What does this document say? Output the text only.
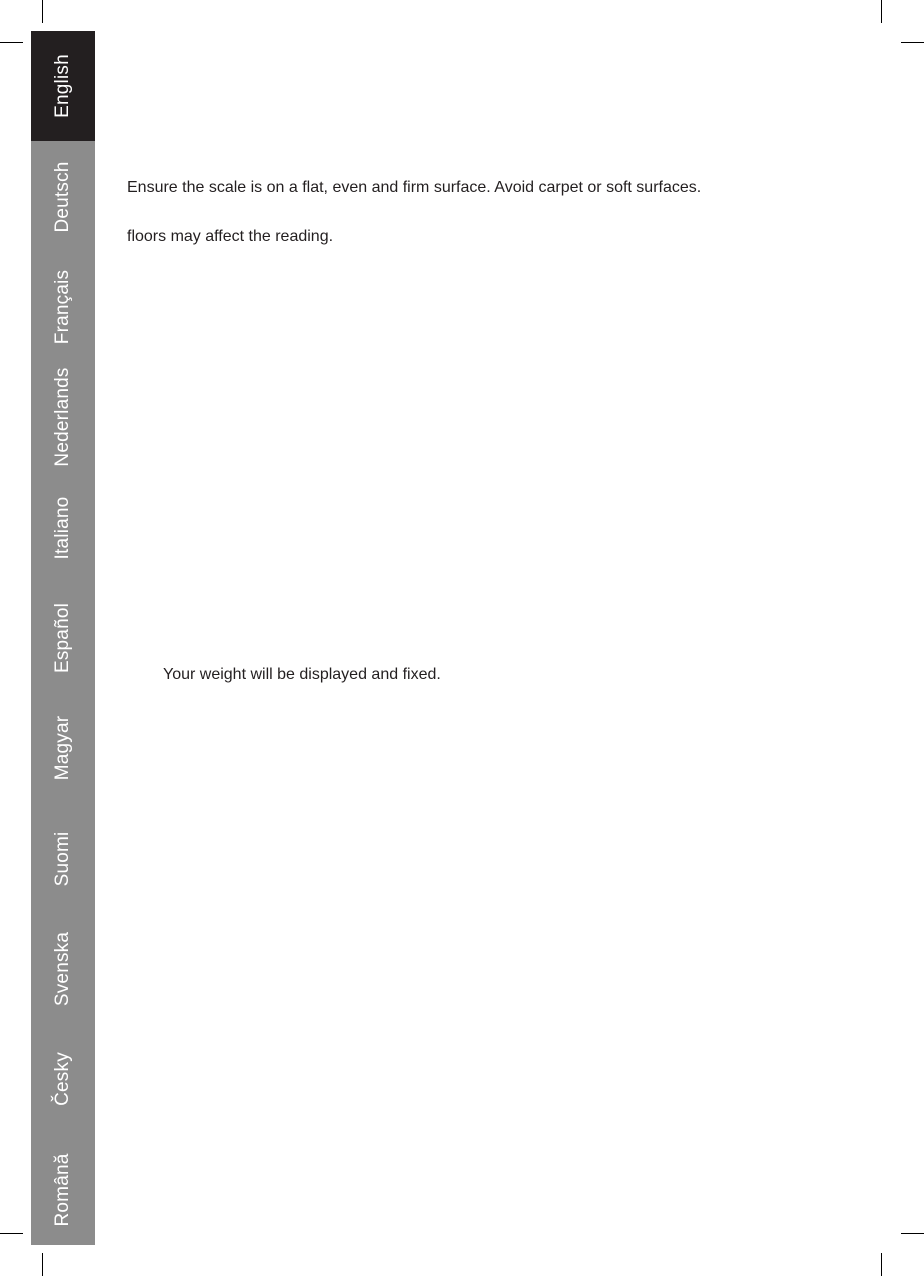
English
Deutsch
Français
Nederlands
Italiano
Español
Magyar
Suomi
Svenska
Česky
Română

Ensure the scale is on a flat, even and firm surface. Avoid carpet or soft surfaces.

floors may affect the reading.

Your weight will be displayed and fixed.
